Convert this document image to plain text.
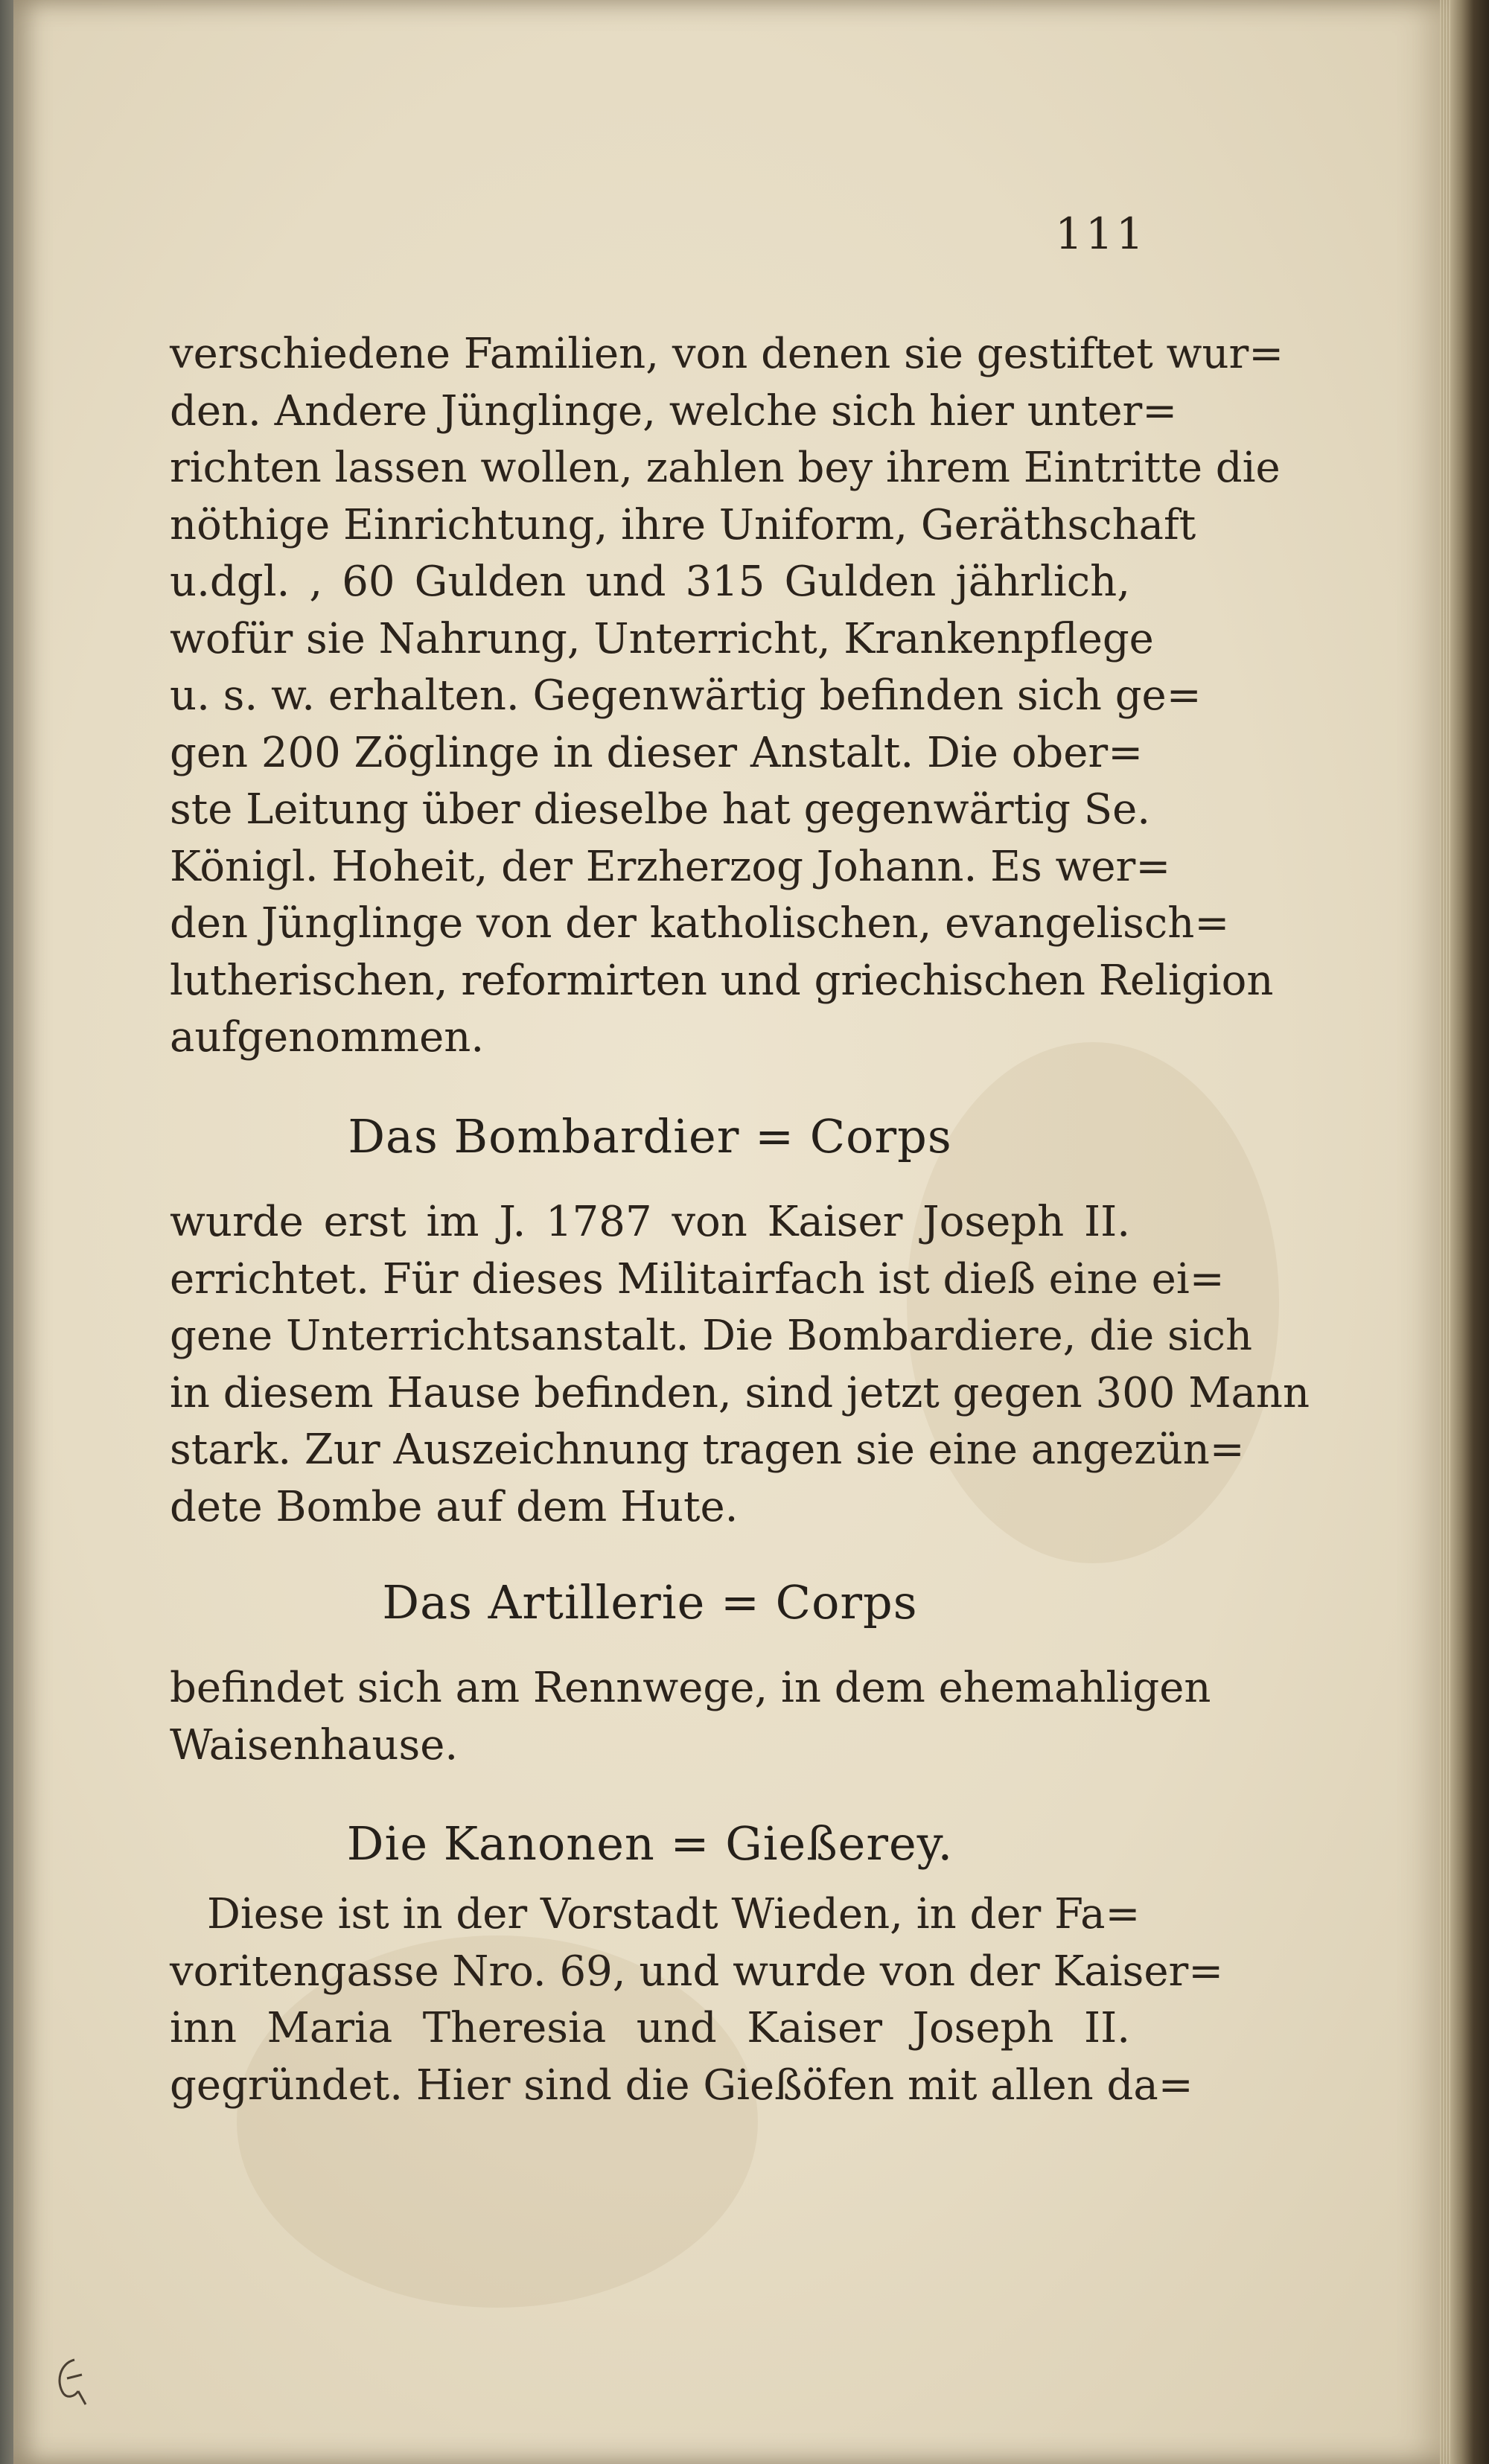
111
verschiedene Familien, von denen sie gestiftet wur=
den. Andere Jünglinge, welche sich hier unter=
richten lassen wollen, zahlen bey ihrem Eintritte die
nöthige Einrichtung, ihre Uniform, Geräthschaft
u.dgl. , 60 Gulden und 315 Gulden jährlich,
wofür sie Nahrung, Unterricht, Krankenpflege
u. s. w. erhalten. Gegenwärtig befinden sich ge=
gen 200 Zöglinge in dieser Anstalt. Die ober=
ste Leitung über dieselbe hat gegenwärtig Se.
Königl. Hoheit, der Erzherzog Johann. Es wer=
den Jünglinge von der katholischen, evangelisch=
lutherischen, reformirten und griechischen Religion
aufgenommen.
Das Bombardier = Corps
wurde erst im J. 1787 von Kaiser Joseph II.
errichtet. Für dieses Militairfach ist dieß eine ei=
gene Unterrichtsanstalt. Die Bombardiere, die sich
in diesem Hause befinden, sind jetzt gegen 300 Mann
stark. Zur Auszeichnung tragen sie eine angezün=
dete Bombe auf dem Hute.
Das Artillerie = Corps
befindet sich am Rennwege, in dem ehemahligen
Waisenhause.
Die Kanonen = Gießerey.
Diese ist in der Vorstadt Wieden, in der Fa=
voritengasse Nro. 69, und wurde von der Kaiser=
inn Maria Theresia und Kaiser Joseph II.
gegründet. Hier sind die Gießöfen mit allen da=
